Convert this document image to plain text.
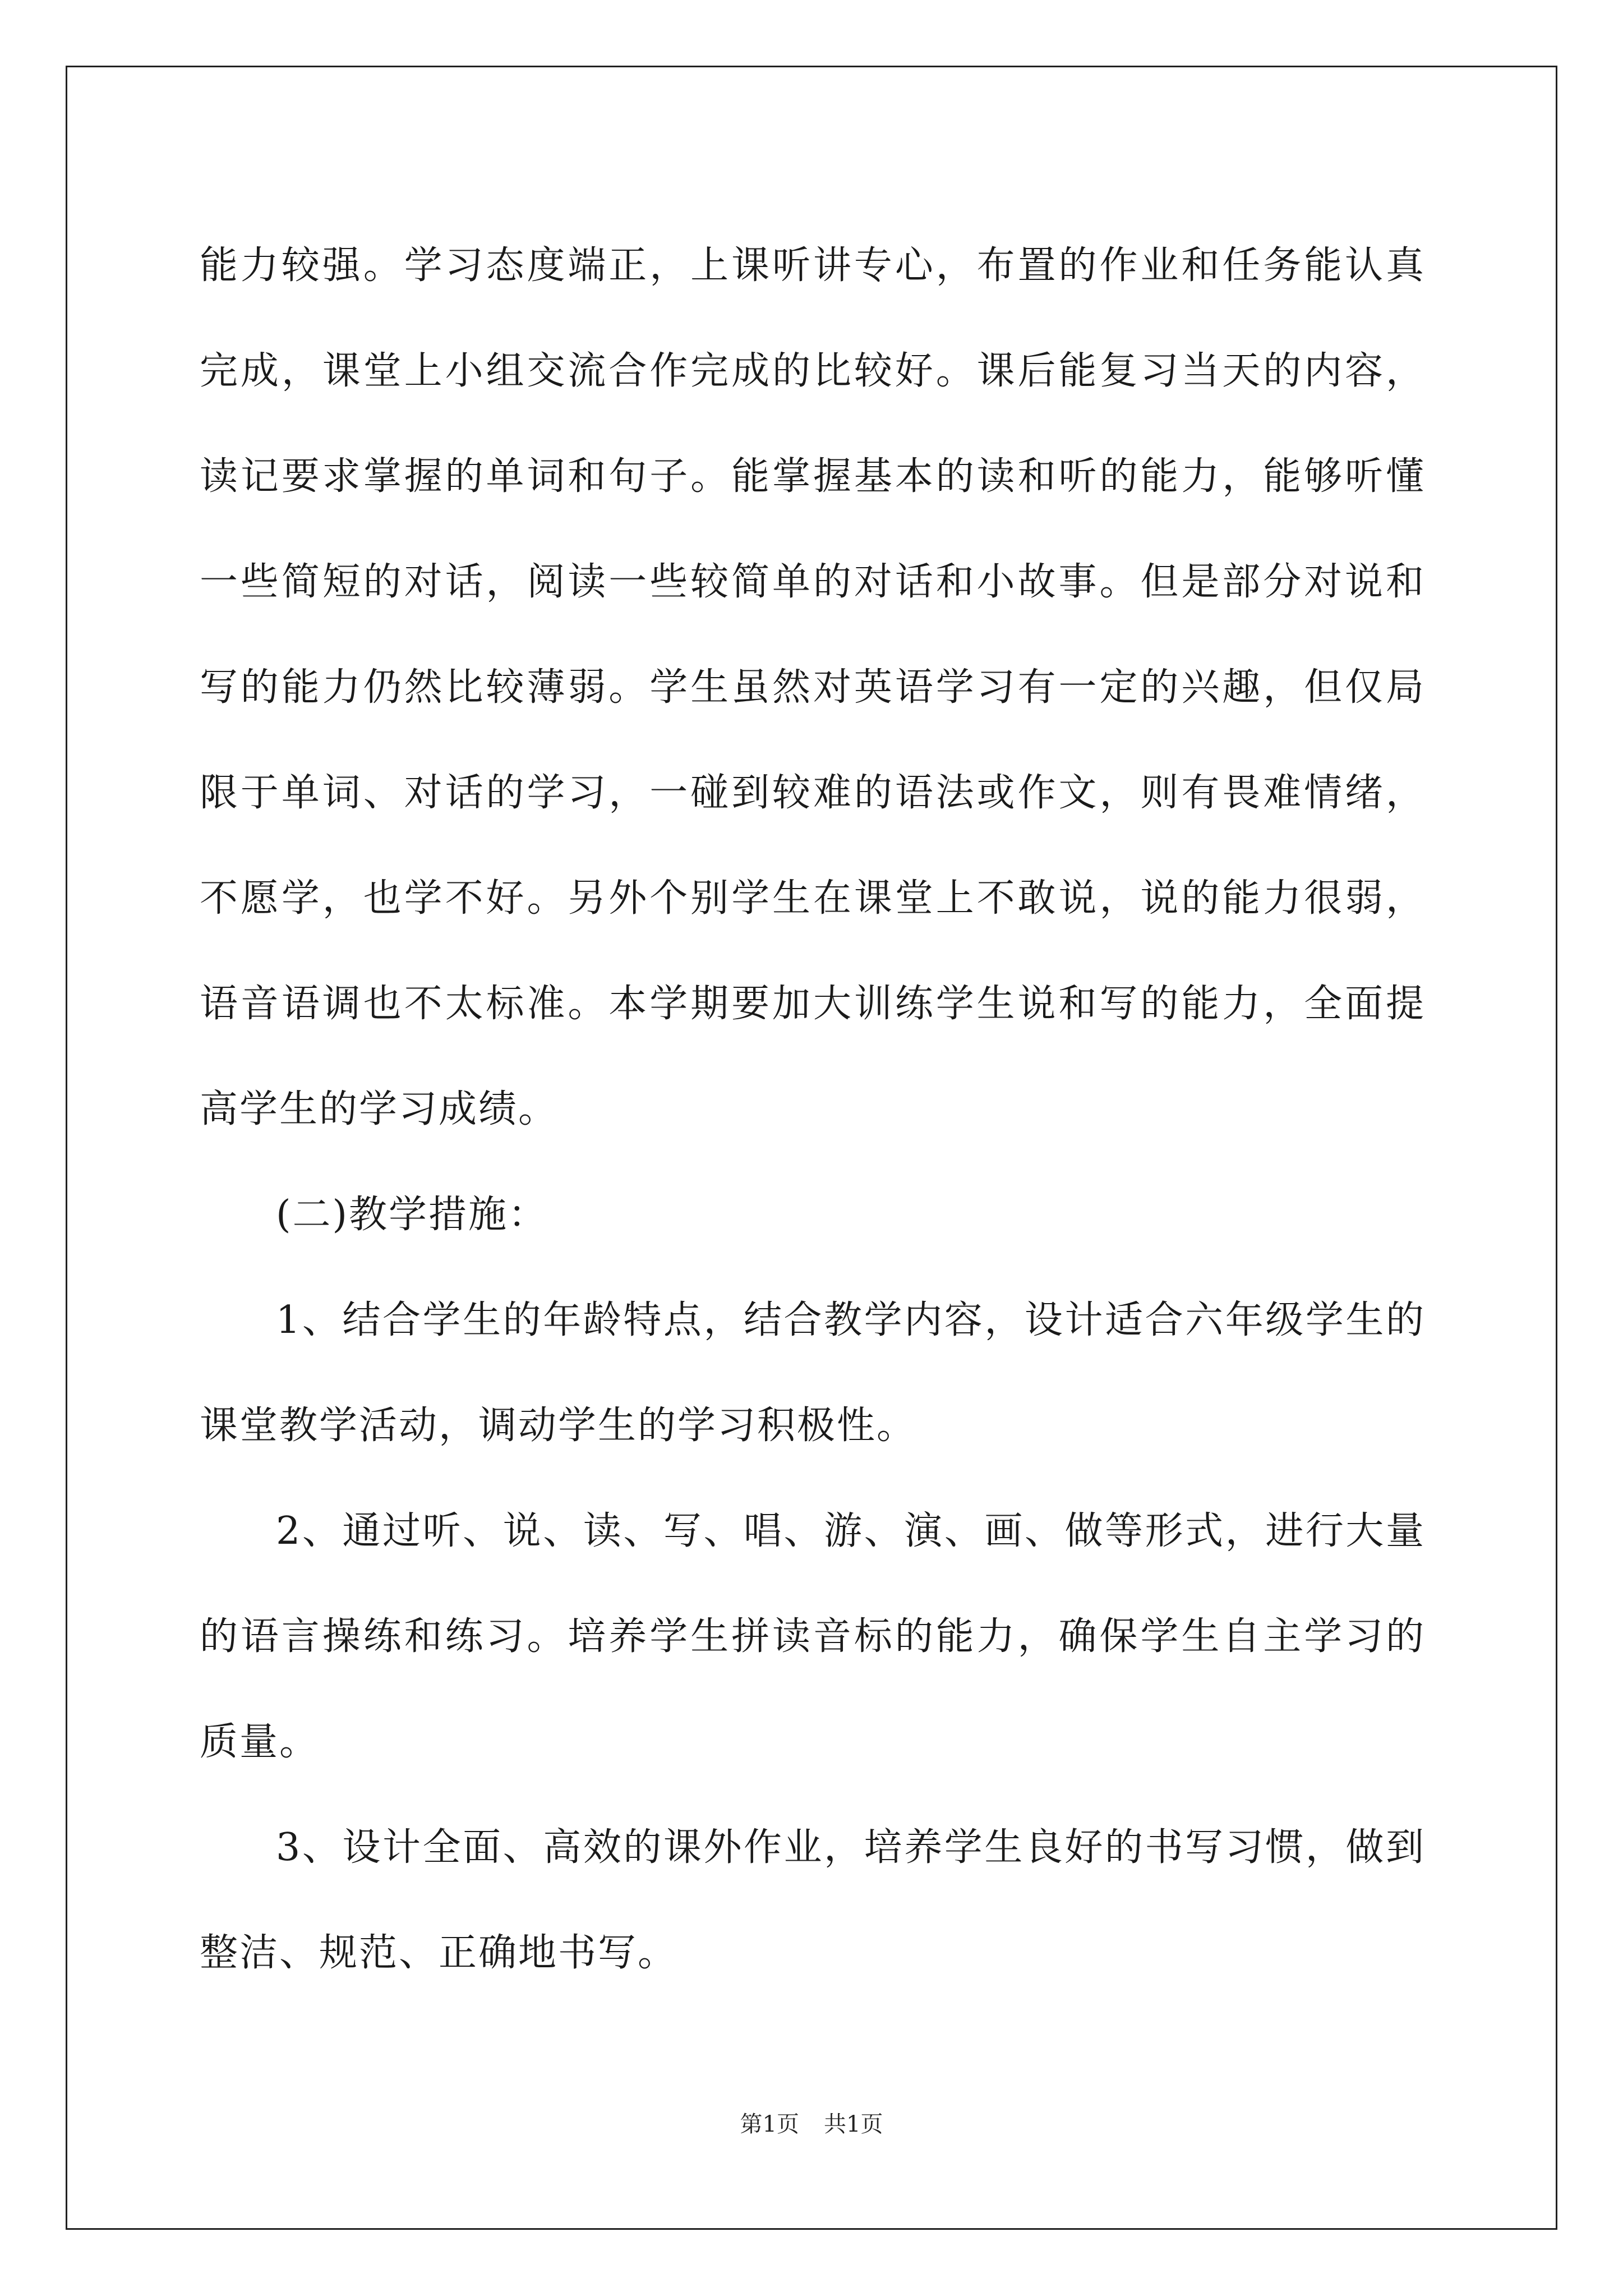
能力较强。学习态度端正，上课听讲专心，布置的作业和任务能认真完成，课堂上小组交流合作完成的比较好。课后能复习当天的内容，读记要求掌握的单词和句子。能掌握基本的读和听的能力，能够听懂一些简短的对话，阅读一些较简单的对话和小故事。但是部分对说和写的能力仍然比较薄弱。学生虽然对英语学习有一定的兴趣，但仅局限于单词、对话的学习，一碰到较难的语法或作文，则有畏难情绪，不愿学，也学不好。另外个别学生在课堂上不敢说，说的能力很弱，语音语调也不太标准。本学期要加大训练学生说和写的能力，全面提高学生的学习成绩。

(二)教学措施：

1、结合学生的年龄特点，结合教学内容，设计适合六年级学生的课堂教学活动，调动学生的学习积极性。

2、通过听、说、读、写、唱、游、演、画、做等形式，进行大量的语言操练和练习。培养学生拼读音标的能力，确保学生自主学习的质量。

3、设计全面、高效的课外作业，培养学生良好的书写习惯，做到整洁、规范、正确地书写。

第1页 共1页
